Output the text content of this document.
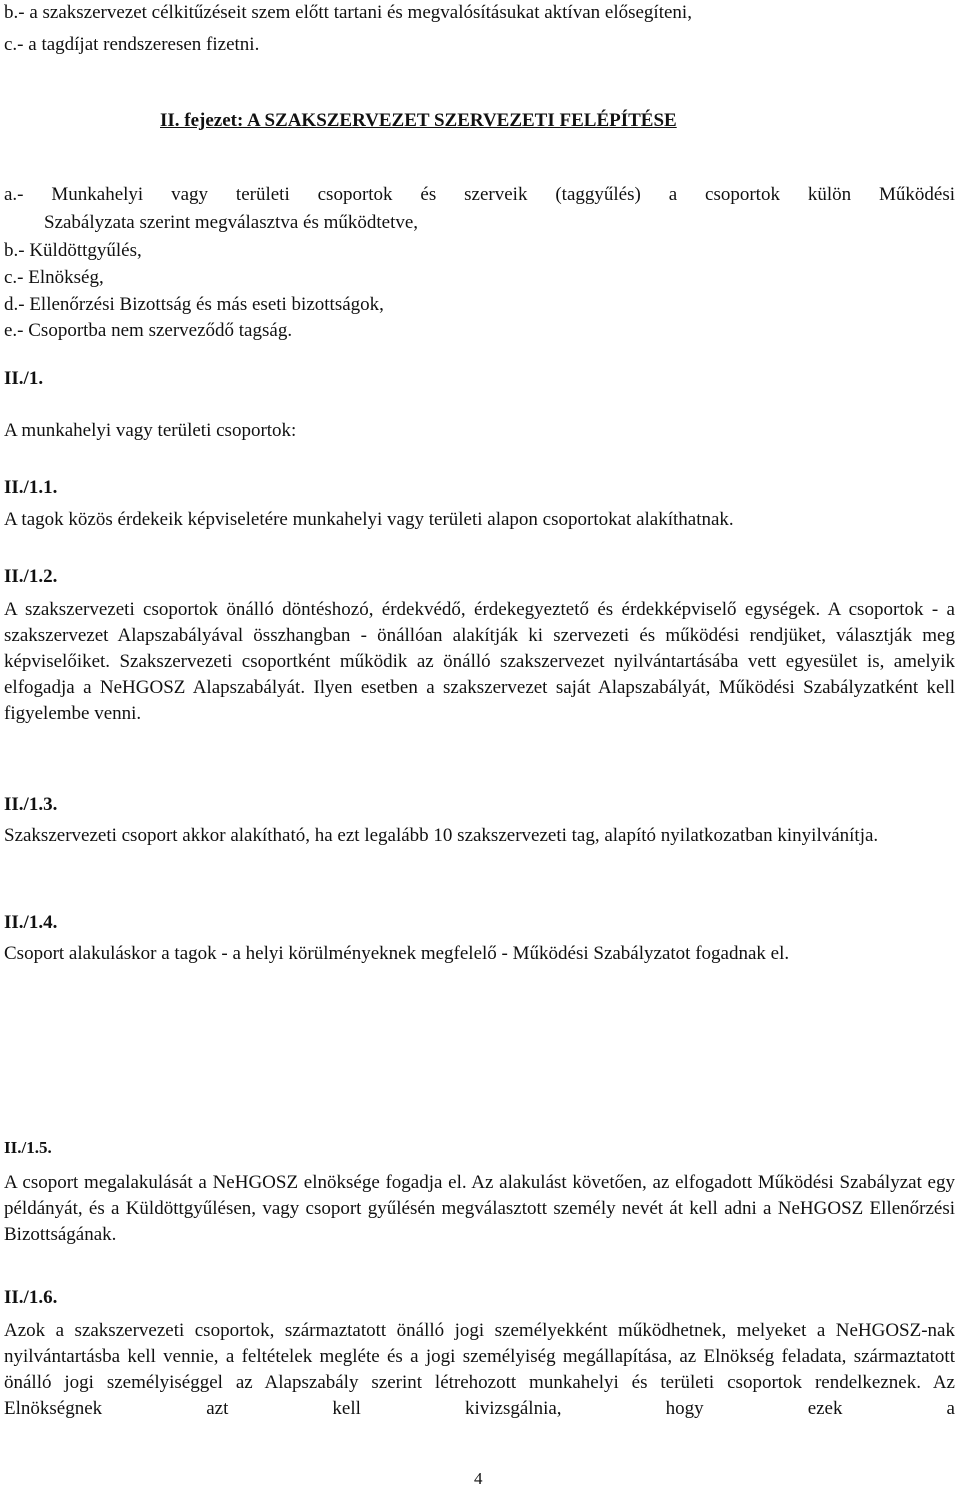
b.- a szakszervezet célkitűzéseit szem előtt tartani és megvalósításukat aktívan elősegíteni,
c.- a tagdíjat rendszeresen fizetni.
II. fejezet: A SZAKSZERVEZET SZERVEZETI FELÉPÍTÉSE
a.- Munkahelyi vagy területi csoportok és szerveik (taggyűlés) a csoportok külön Működési
Szabályzata szerint megválasztva és működtetve,
b.- Küldöttgyűlés,
c.- Elnökség,
d.- Ellenőrzési Bizottság és más eseti bizottságok,
e.- Csoportba nem szerveződő tagság.
II./1.
A munkahelyi vagy területi csoportok:
II./1.1.
A tagok közös érdekeik képviseletére munkahelyi vagy területi alapon csoportokat alakíthatnak.
II./1.2.

A szakszervezeti csoportok önálló döntéshozó, érdekvédő, érdekegyeztető és érdekképviselő egységek. A csoportok - a szakszervezet Alapszabályával összhangban - önállóan alakítják ki szervezeti és működési rendjüket, választják meg képviselőiket. Szakszervezeti csoportként működik az önálló szakszervezet nyilvántartásába vett egyesület is, amelyik elfogadja a NeHGOSZ Alapszabályát. Ilyen esetben a szakszervezet saját Alapszabályát, Működési Szabályzatként kell figyelembe venni.

II./1.3.

Szakszervezeti csoport akkor alakítható, ha ezt legalább 10 szakszervezeti tag, alapító nyilatkozatban kinyilvánítja.

II./1.4.

Csoport alakuláskor a tagok - a helyi körülményeknek megfelelő - Működési Szabályzatot fogadnak el.

II./1.5.

A csoport megalakulását a NeHGOSZ elnöksége fogadja el. Az alakulást követően, az elfogadott Működési Szabályzat egy példányát, és a Küldöttgyűlésen, vagy csoport gyűlésén megválasztott személy nevét át kell adni a NeHGOSZ Ellenőrzési Bizottságának.

II./1.6.

Azok a szakszervezeti csoportok, származtatott önálló jogi személyekként működhetnek, melyeket a NeHGOSZ-nak nyilvántartásba kell vennie, a feltételek megléte és a jogi személyiség megállapítása, az Elnökség feladata, származtatott önálló jogi személyiséggel az Alapszabály szerint létrehozott munkahelyi és területi csoportok rendelkeznek. Az Elnökségnek azt kell kivizsgálnia, hogy ezek a

4
